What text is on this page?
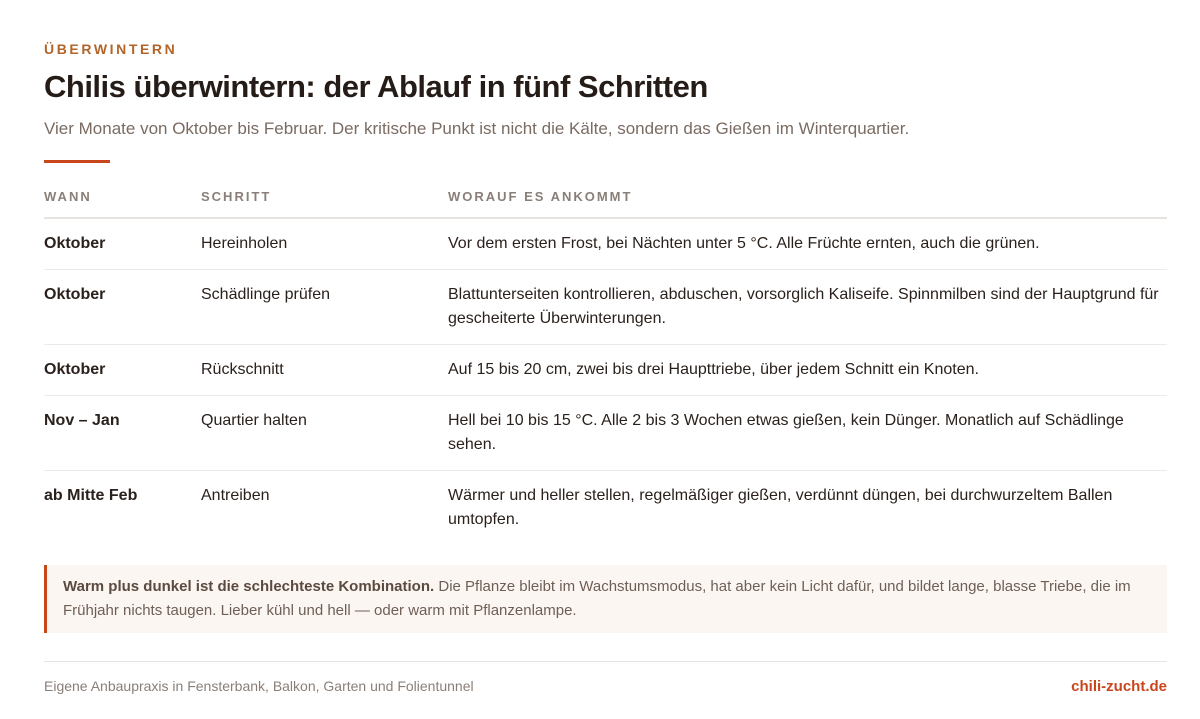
ÜBERWINTERN

Chilis überwintern: der Ablauf in fünf Schritten

Vier Monate von Oktober bis Februar. Der kritische Punkt ist nicht die Kälte, sondern das Gießen im Winterquartier.

WANN	SCHRITT	WORAUF ES ANKOMMT
Oktober	Hereinholen	Vor dem ersten Frost, bei Nächten unter 5 °C. Alle Früchte ernten, auch die grünen.
Oktober	Schädlinge prüfen	Blattunterseiten kontrollieren, abduschen, vorsorglich Kaliseife. Spinnmilben sind der Hauptgrund für gescheiterte Überwinterungen.
Oktober	Rückschnitt	Auf 15 bis 20 cm, zwei bis drei Haupttriebe, über jedem Schnitt ein Knoten.
Nov – Jan	Quartier halten	Hell bei 10 bis 15 °C. Alle 2 bis 3 Wochen etwas gießen, kein Dünger. Monatlich auf Schädlinge sehen.
ab Mitte Feb	Antreiben	Wärmer und heller stellen, regelmäßiger gießen, verdünnt düngen, bei durchwurzeltem Ballen umtopfen.
Warm plus dunkel ist die schlechteste Kombination. Die Pflanze bleibt im Wachstumsmodus, hat aber kein Licht dafür, und bildet lange, blasse Triebe, die im Frühjahr nichts taugen. Lieber kühl und hell — oder warm mit Pflanzenlampe.
Eigene Anbaupraxis in Fensterbank, Balkon, Garten und Folientunnel	chili-zucht.de
